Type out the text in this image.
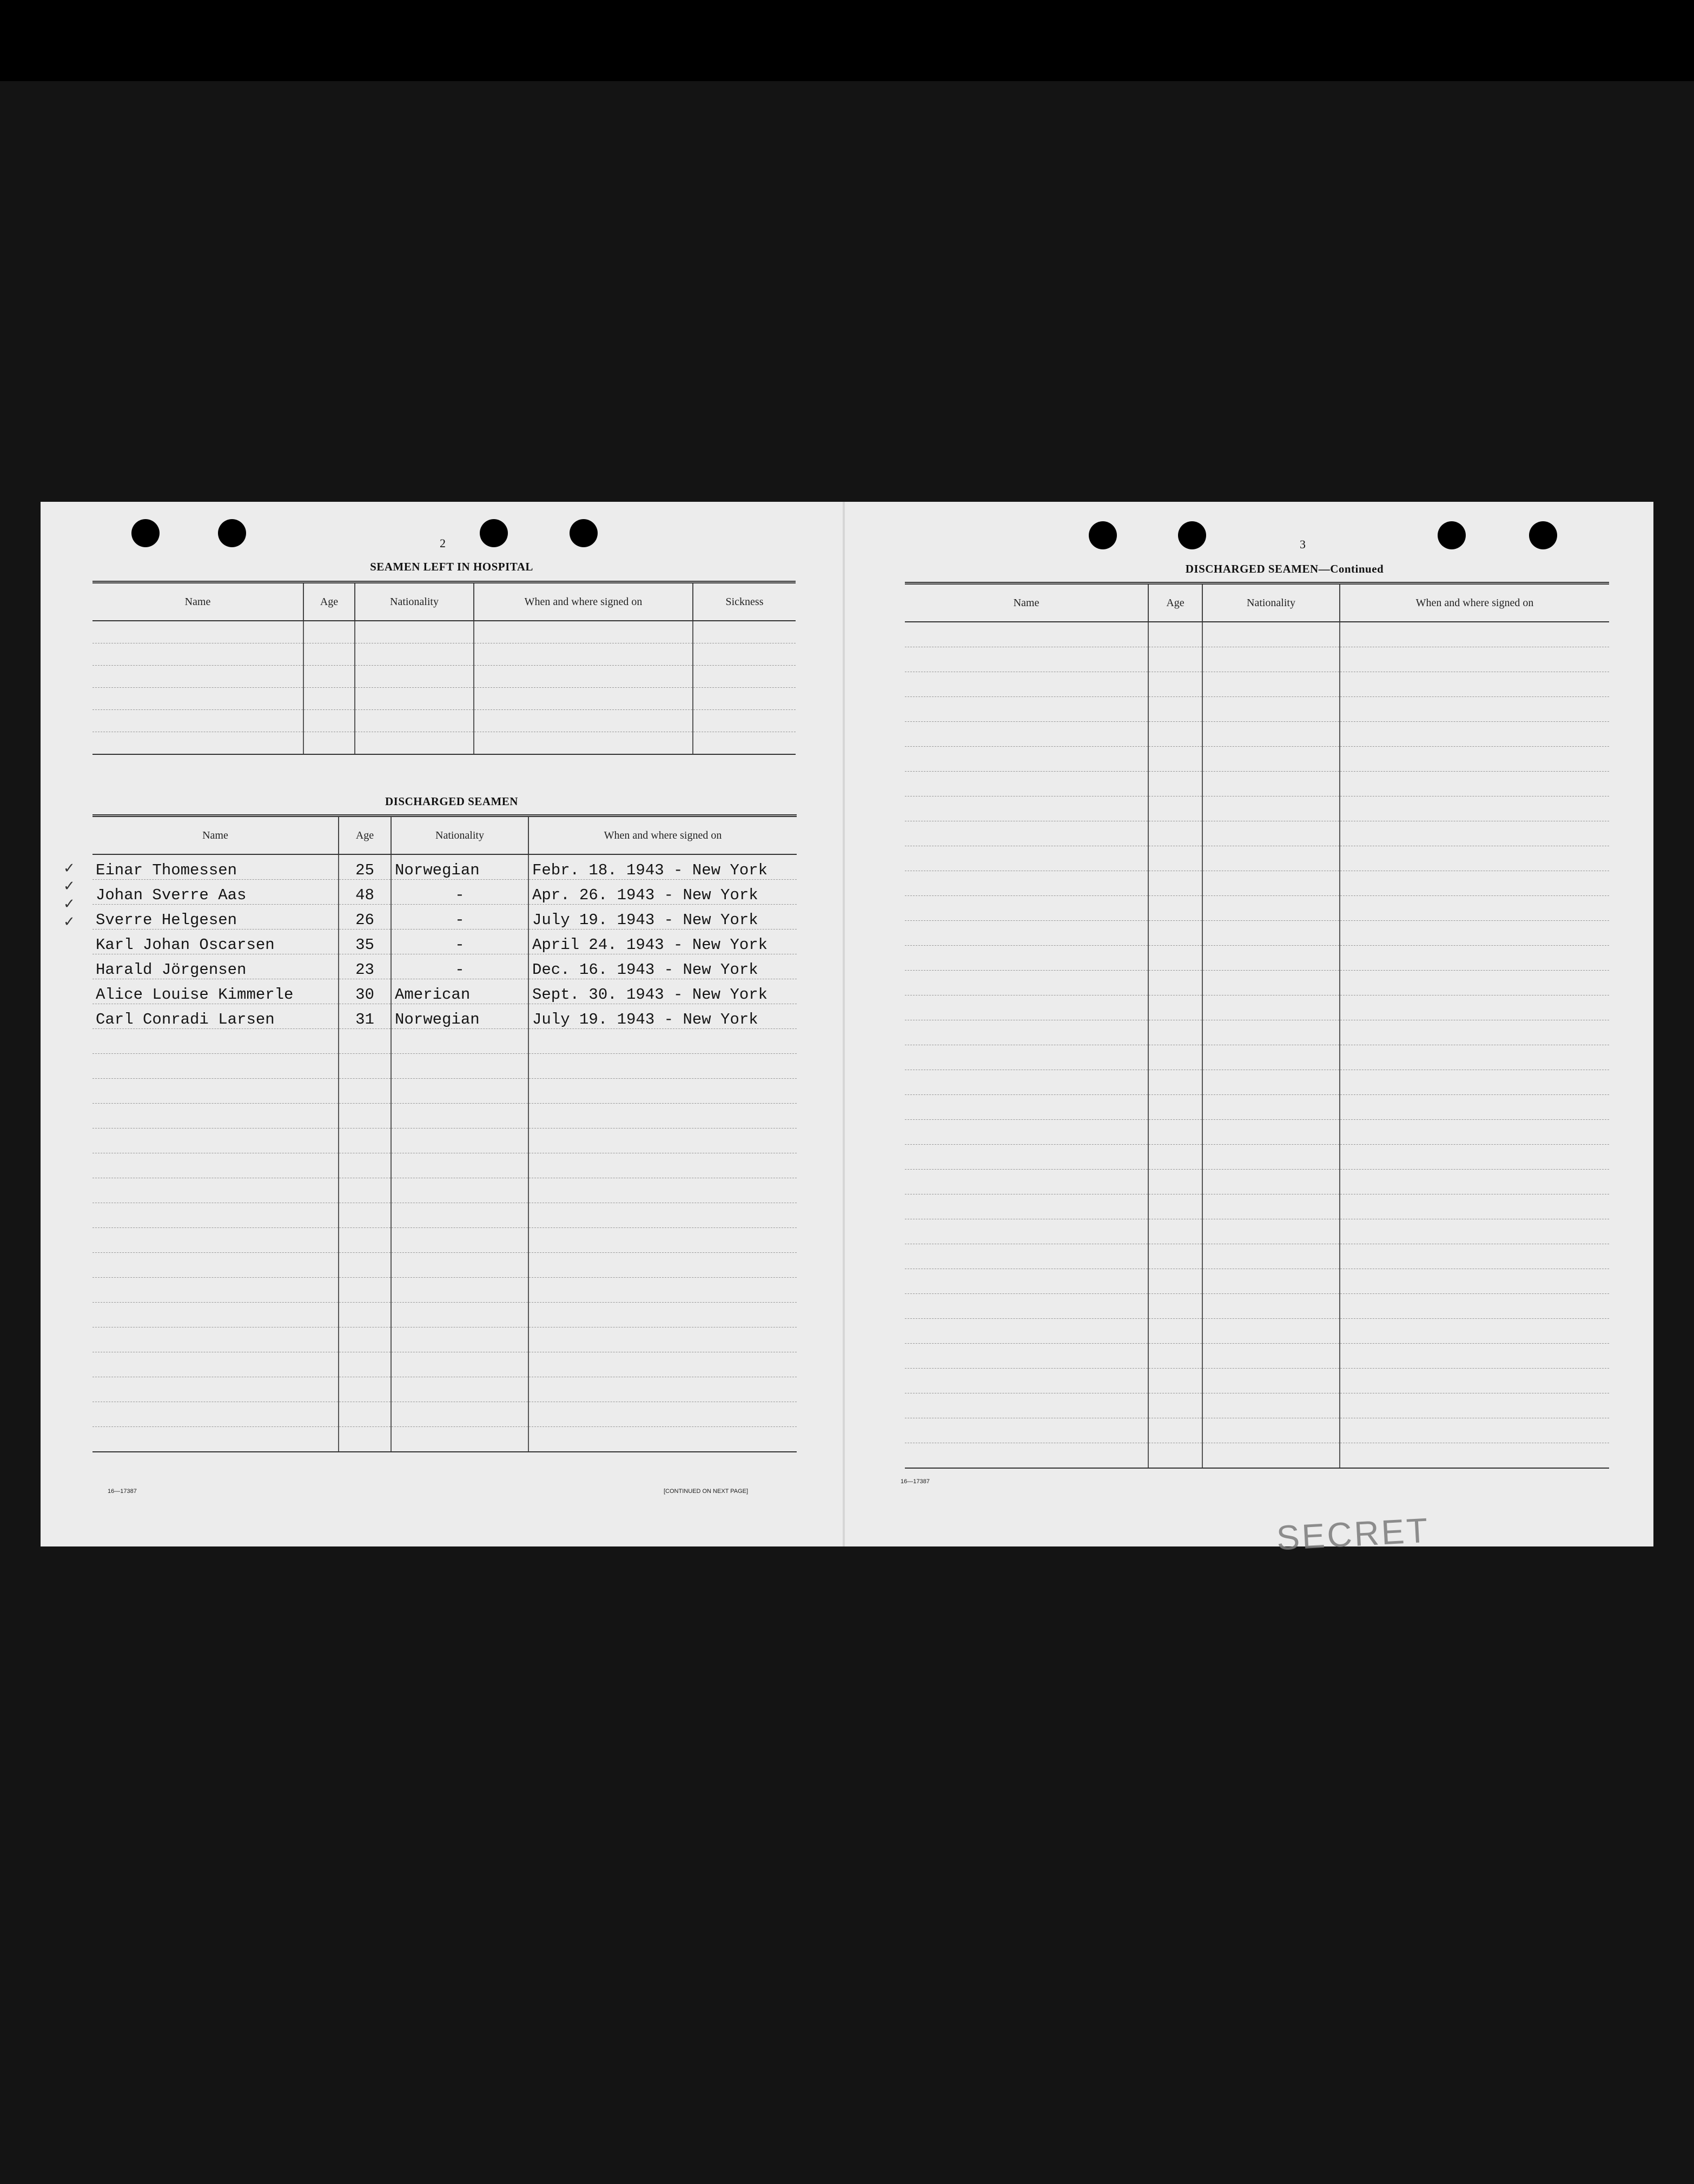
2
SEAMEN LEFT IN HOSPITAL
Name	Age	Nationality	When and where signed on	Sickness

DISCHARGED SEAMEN
Name	Age	Nationality	When and where signed on
Einar Thomessen	25	Norwegian	Febr. 18. 1943 - New York
Johan Sverre Aas	48	-	Apr. 26. 1943 - New York
Sverre Helgesen	26	-	July 19. 1943 - New York
Karl Johan Oscarsen	35	-	April 24. 1943 - New York
Harald Jörgensen	23	-	Dec. 16. 1943 - New York
Alice Louise Kimmerle	30	American	Sept. 30. 1943 - New York
Carl Conradi Larsen	31	Norwegian	July 19. 1943 - New York

✓
✓
✓
✓
16—17387	[CONTINUED ON NEXT PAGE]
3
DISCHARGED SEAMEN—Continued
Name	Age	Nationality	When and where signed on

16—17387
SECRET
